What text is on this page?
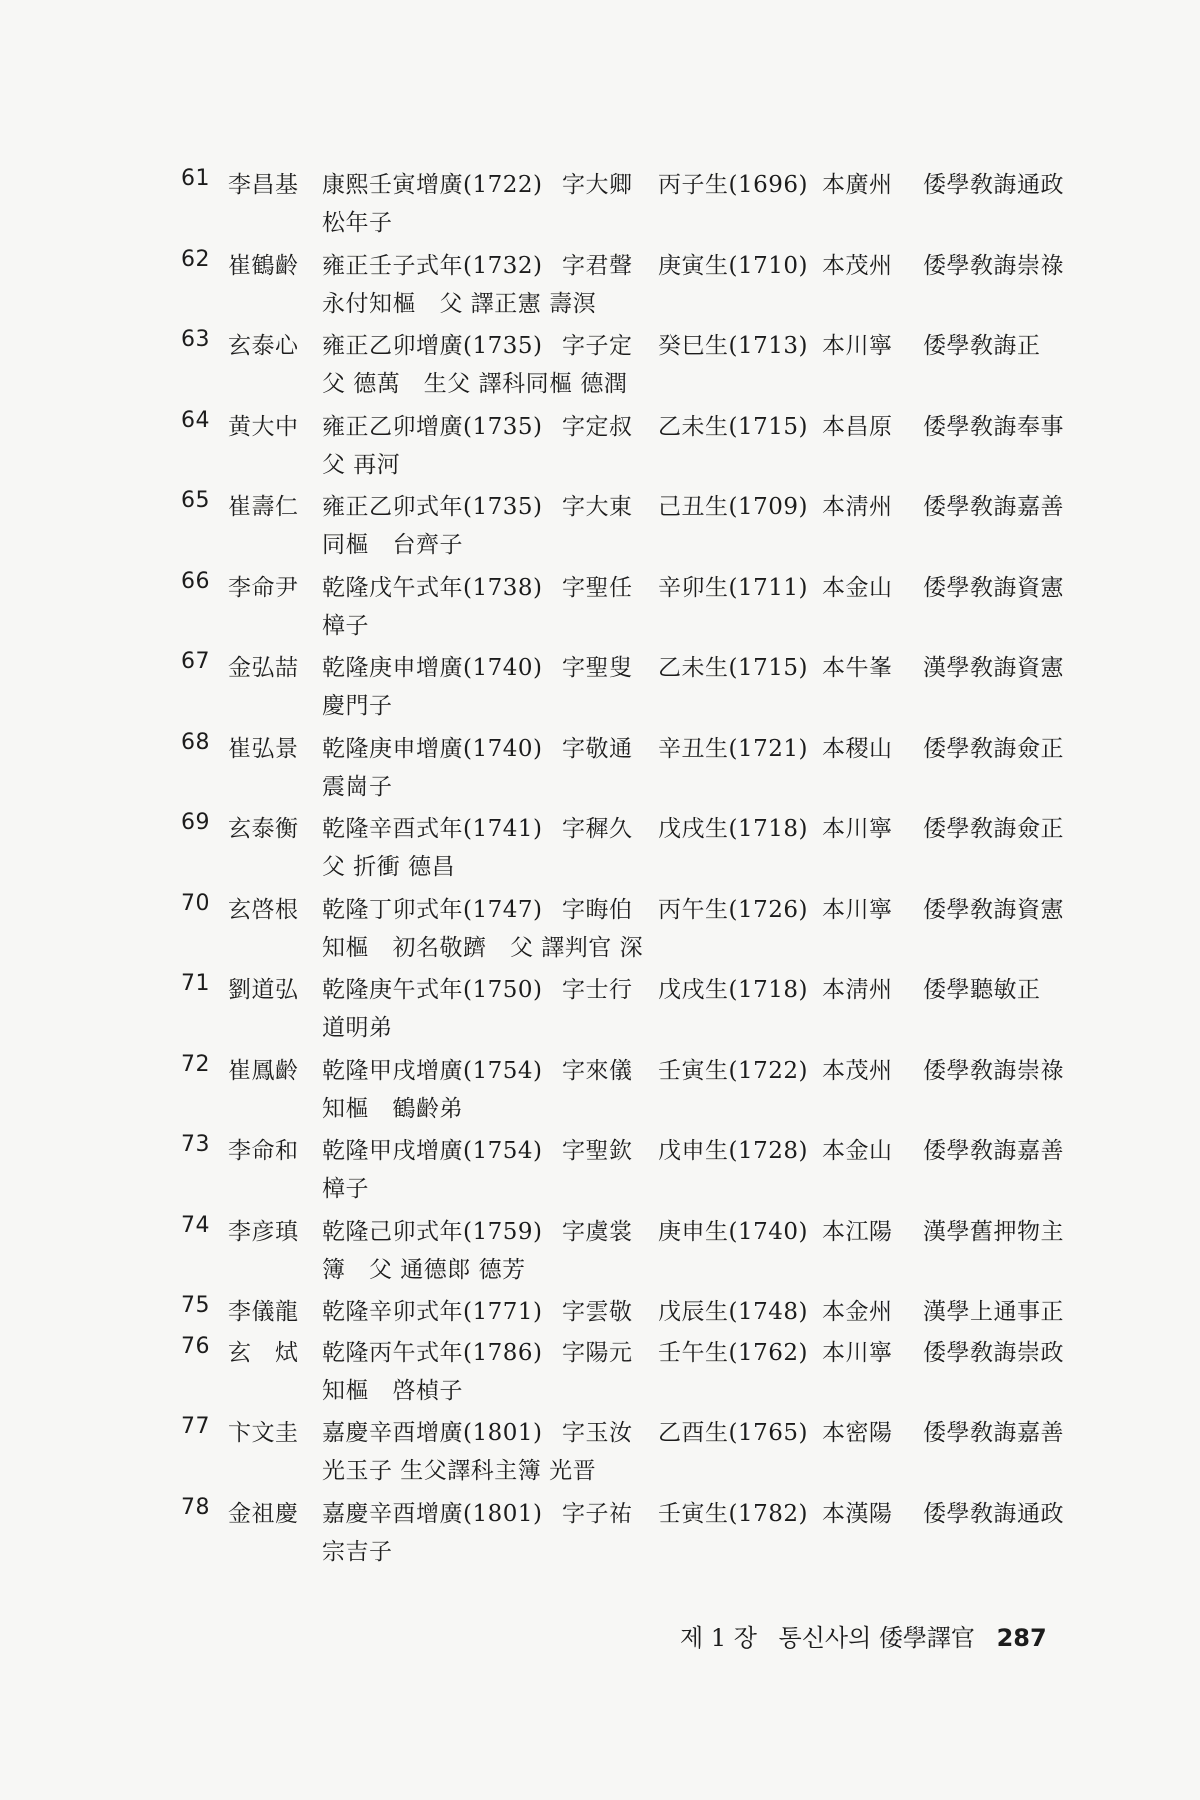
61 李昌基 康熙壬寅增廣(1722) 字大卿 丙子生(1696) 本廣州 倭學敎誨通政
松年子
62 崔鶴齡 雍正壬子式年(1732) 字君聲 庚寅生(1710) 本茂州 倭學敎誨崇祿
永付知樞　父 譯正憲 壽溟
63 玄泰心 雍正乙卯增廣(1735) 字子定 癸巳生(1713) 本川寧 倭學敎誨正
父 德萬　生父 譯科同樞 德潤
64 黄大中 雍正乙卯增廣(1735) 字定叔 乙未生(1715) 本昌原 倭學敎誨奉事
父 再河
65 崔壽仁 雍正乙卯式年(1735) 字大東 己丑生(1709) 本淸州 倭學敎誨嘉善
同樞　台齊子
66 李命尹 乾隆戊午式年(1738) 字聖任 辛卯生(1711) 本金山 倭學敎誨資憲
樟子
67 金弘喆 乾隆庚申增廣(1740) 字聖叟 乙未生(1715) 本牛峯 漢學敎誨資憲
慶門子
68 崔弘景 乾隆庚申增廣(1740) 字敬通 辛丑生(1721) 本稷山 倭學敎誨僉正
震崗子
69 玄泰衡 乾隆辛酉式年(1741) 字穉久 戊戌生(1718) 本川寧 倭學敎誨僉正
父 折衝 德昌
70 玄啓根 乾隆丁卯式年(1747) 字晦伯 丙午生(1726) 本川寧 倭學敎誨資憲
知樞　初名敬躋　父 譯判官 深
71 劉道弘 乾隆庚午式年(1750) 字士行 戊戌生(1718) 本淸州 倭學聽敏正
道明弟
72 崔鳳齡 乾隆甲戌增廣(1754) 字來儀 壬寅生(1722) 本茂州 倭學敎誨崇祿
知樞　鶴齡弟
73 李命和 乾隆甲戌增廣(1754) 字聖欽 戊申生(1728) 本金山 倭學敎誨嘉善
樟子
74 李彦瑱 乾隆己卯式年(1759) 字虞裳 庚申生(1740) 本江陽 漢學舊押物主
簿　父 通德郞 德芳
75 李儀龍 乾隆辛卯式年(1771) 字雲敬 戊辰生(1748) 本金州 漢學上通事正
76 玄　烒 乾隆丙午式年(1786) 字陽元 壬午生(1762) 本川寧 倭學敎誨崇政
知樞　啓楨子
77 卞文圭 嘉慶辛酉增廣(1801) 字玉汝 乙酉生(1765) 本密陽 倭學敎誨嘉善
光玉子 生父譯科主簿 光晋
78 金祖慶 嘉慶辛酉增廣(1801) 字子祐 壬寅生(1782) 本漢陽 倭學敎誨通政
宗吉子
제 1 장 통신사의 倭學譯官 287
